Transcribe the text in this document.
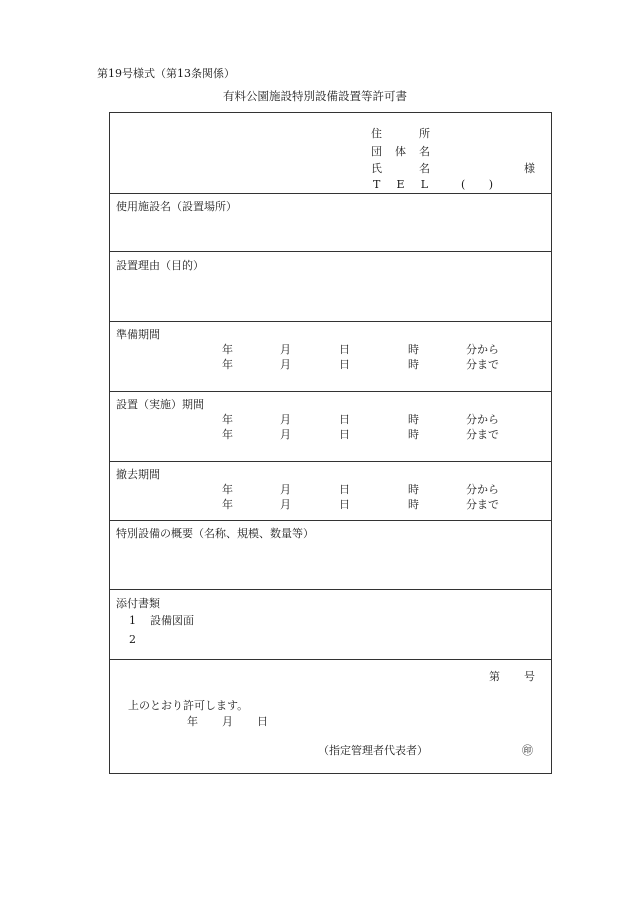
第19号様式（第13条関係）
有料公園施設特別設備設置等許可書
住	所
団 体 名
氏	名	様
T E L	( )
使用施設名（設置場所）
設置理由（目的）
準備期間
年	月	日	時	分から
年	月	日	時	分まで
設置（実施）期間
年	月	日	時	分から
年	月	日	時	分まで
撤去期間
年	月	日	時	分から
年	月	日	時	分まで
特別設備の概要（名称、規模、数量等）
添付書類
1 設備図面
2
第 号
上のとおり許可します。
年 月 日
（指定管理者代表者）	㊞
